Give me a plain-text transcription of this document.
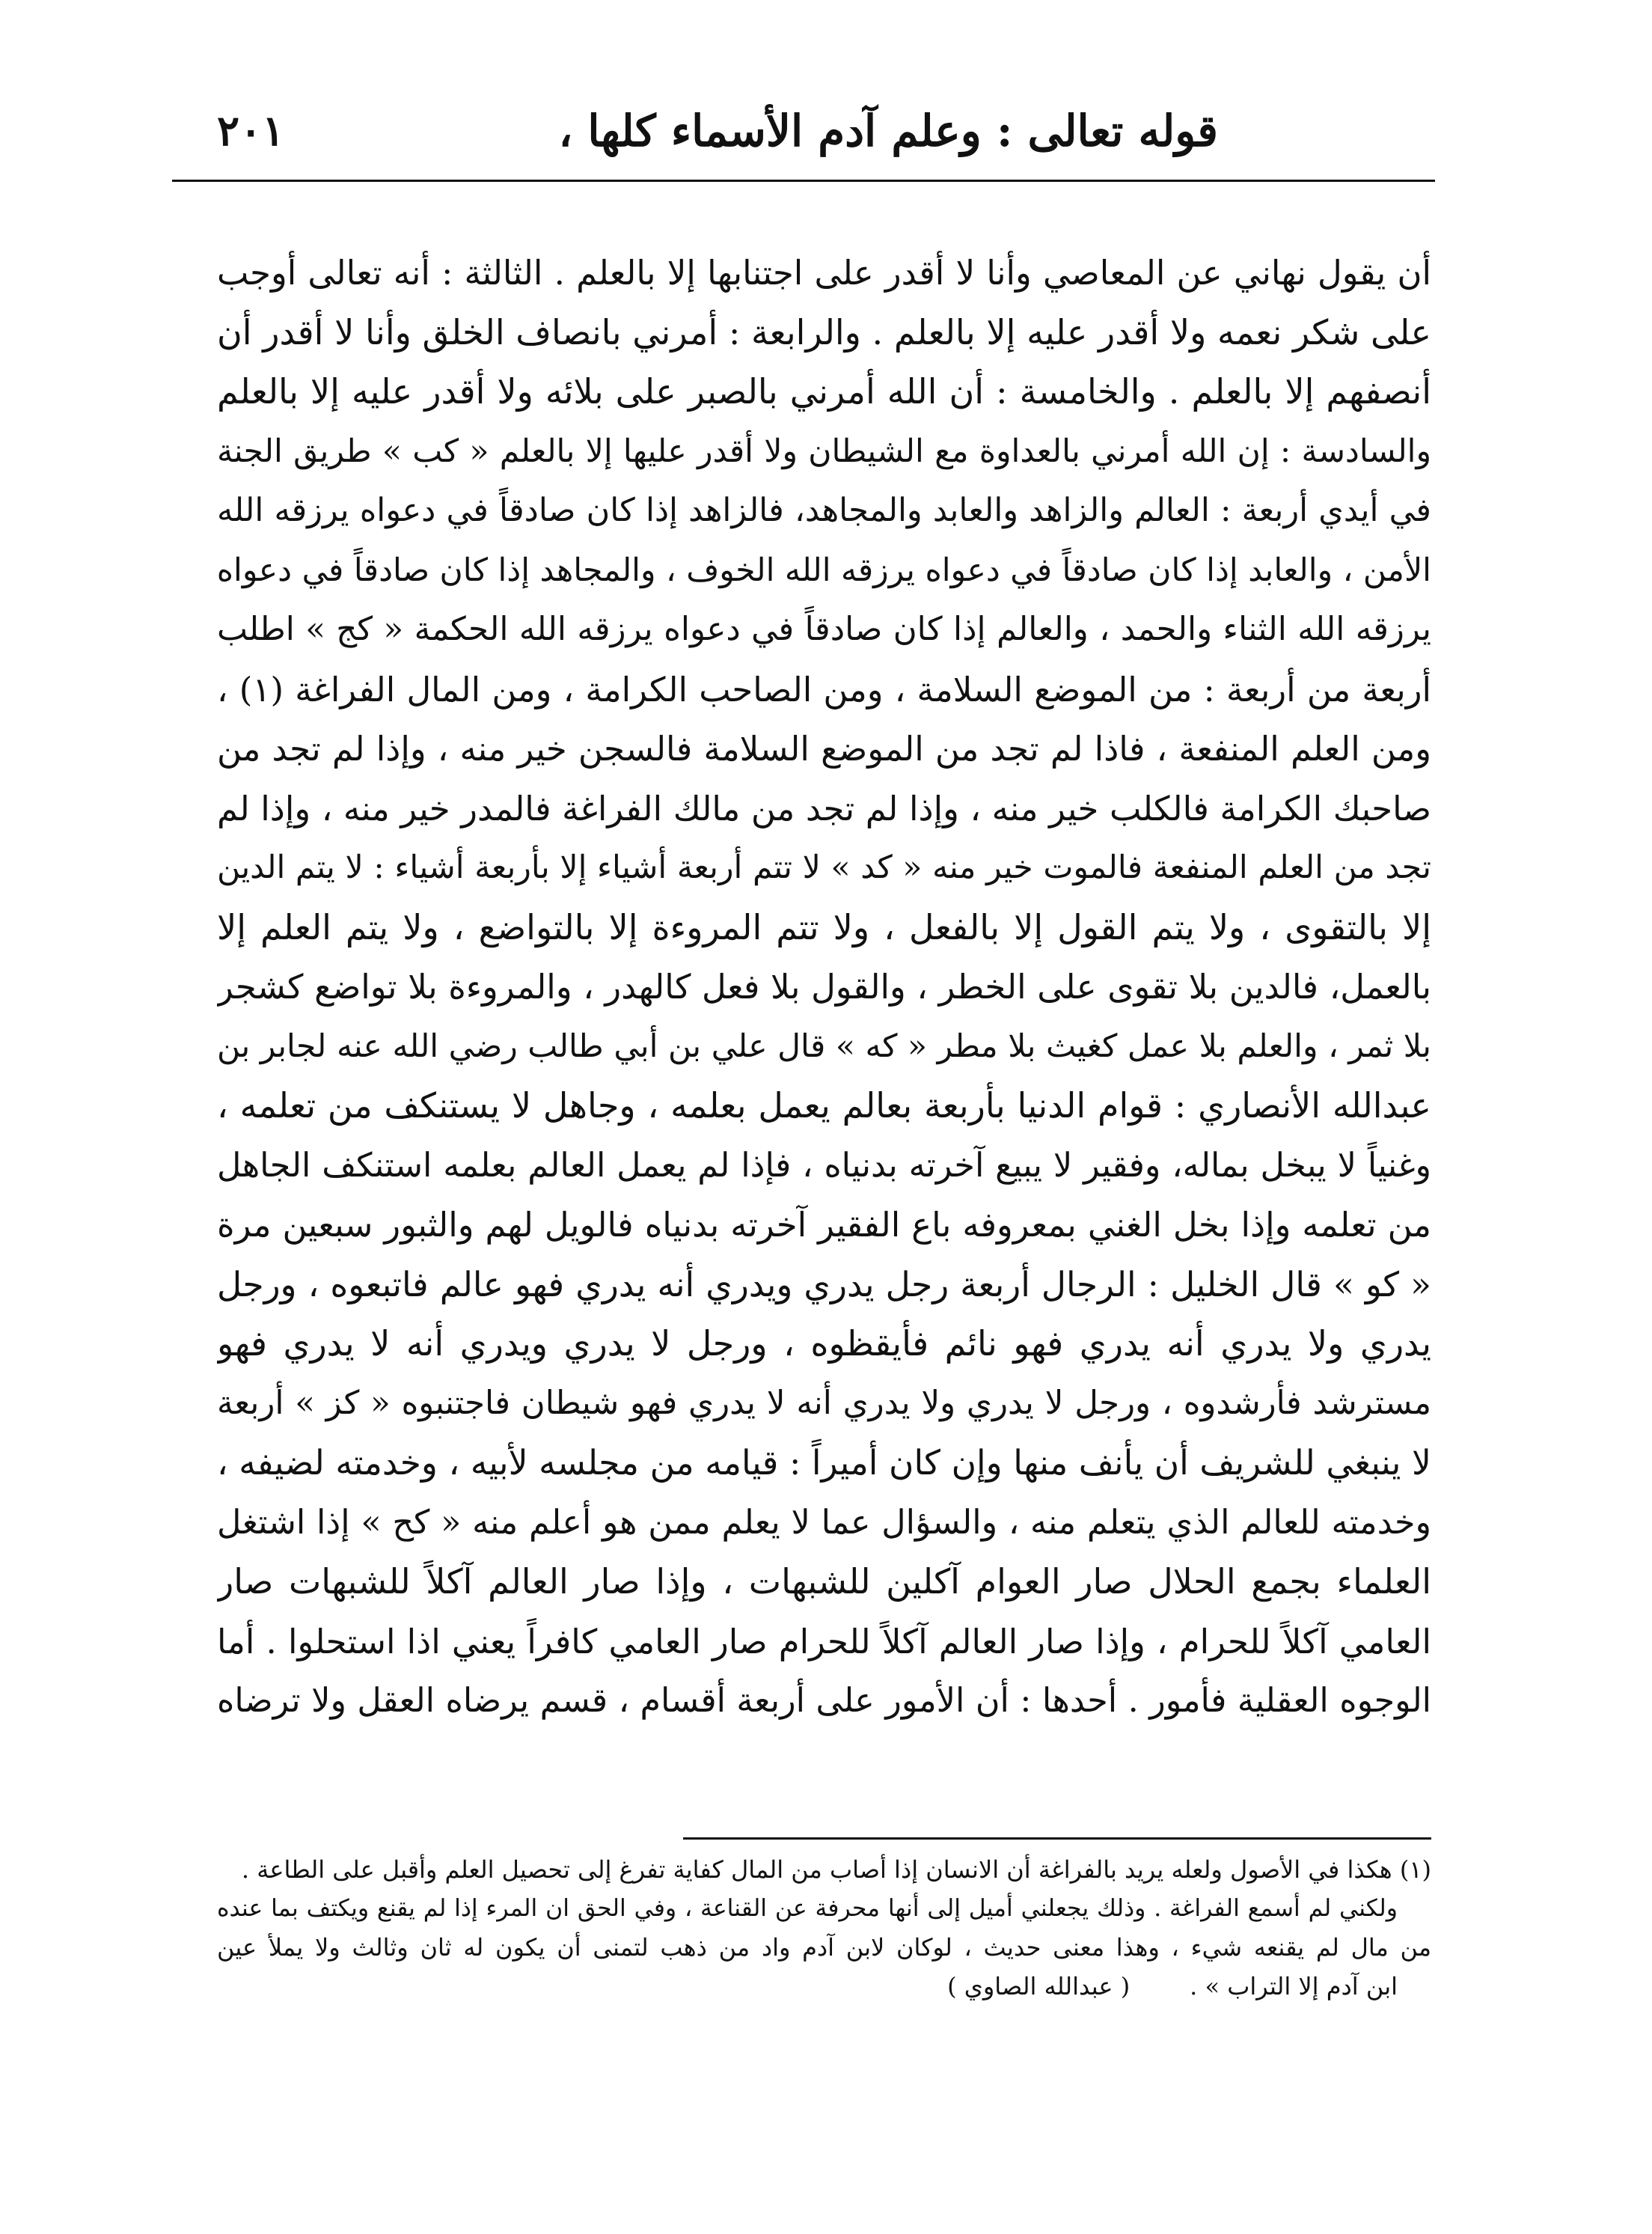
قوله تعالى : وعلم آدم الأسماء كلها ،
٢٠١
أن يقول نهاني عن المعاصي وأنا لا أقدر على اجتنابها إلا بالعلم . الثالثة : أنه تعالى أوجب
على شكر نعمه ولا أقدر عليه إلا بالعلم . والرابعة : أمرني بانصاف الخلق وأنا لا أقدر أن
أنصفهم إلا بالعلم . والخامسة : أن الله أمرني بالصبر على بلائه ولا أقدر عليه إلا بالعلم
والسادسة : إن الله أمرني بالعداوة مع الشيطان ولا أقدر عليها إلا بالعلم « كب » طريق الجنة
في أيدي أربعة : العالم والزاهد والعابد والمجاهد، فالزاهد إذا كان صادقاً في دعواه يرزقه الله
الأمن ، والعابد إذا كان صادقاً في دعواه يرزقه الله الخوف ، والمجاهد إذا كان صادقاً في دعواه
يرزقه الله الثناء والحمد ، والعالم إذا كان صادقاً في دعواه يرزقه الله الحكمة « كج » اطلب
أربعة من أربعة : من الموضع السلامة ، ومن الصاحب الكرامة ، ومن المال الفراغة (١) ،
ومن العلم المنفعة ، فاذا لم تجد من الموضع السلامة فالسجن خير منه ، وإذا لم تجد من
صاحبك الكرامة فالكلب خير منه ، وإذا لم تجد من مالك الفراغة فالمدر خير منه ، وإذا لم
تجد من العلم المنفعة فالموت خير منه « كد » لا تتم أربعة أشياء إلا بأربعة أشياء : لا يتم الدين
إلا بالتقوى ، ولا يتم القول إلا بالفعل ، ولا تتم المروءة إلا بالتواضع ، ولا يتم العلم إلا
بالعمل، فالدين بلا تقوى على الخطر ، والقول بلا فعل كالهدر ، والمروءة بلا تواضع كشجر
بلا ثمر ، والعلم بلا عمل كغيث بلا مطر « كه » قال علي بن أبي طالب رضي الله عنه لجابر بن
عبدالله الأنصاري : قوام الدنيا بأربعة بعالم يعمل بعلمه ، وجاهل لا يستنكف من تعلمه ،
وغنياً لا يبخل بماله، وفقير لا يبيع آخرته بدنياه ، فإذا لم يعمل العالم بعلمه استنكف الجاهل
من تعلمه وإذا بخل الغني بمعروفه باع الفقير آخرته بدنياه فالويل لهم والثبور سبعين مرة
« كو » قال الخليل : الرجال أربعة رجل يدري ويدري أنه يدري فهو عالم فاتبعوه ، ورجل
يدري ولا يدري أنه يدري فهو نائم فأيقظوه ، ورجل لا يدري ويدري أنه لا يدري فهو
مسترشد فأرشدوه ، ورجل لا يدري ولا يدري أنه لا يدري فهو شيطان فاجتنبوه « كز » أربعة
لا ينبغي للشريف أن يأنف منها وإن كان أميراً : قيامه من مجلسه لأبيه ، وخدمته لضيفه ،
وخدمته للعالم الذي يتعلم منه ، والسؤال عما لا يعلم ممن هو أعلم منه « كح » إذا اشتغل
العلماء بجمع الحلال صار العوام آكلين للشبهات ، وإذا صار العالم آكلاً للشبهات صار
العامي آكلاً للحرام ، وإذا صار العالم آكلاً للحرام صار العامي كافراً يعني اذا استحلوا . أما
الوجوه العقلية فأمور . أحدها : أن الأمور على أربعة أقسام ، قسم يرضاه العقل ولا ترضاه
(١) هكذا في الأصول ولعله يريد بالفراغة أن الانسان إذا أصاب من المال كفاية تفرغ إلى تحصيل العلم وأقبل على الطاعة .
ولكني لم أسمع الفراغة . وذلك يجعلني أميل إلى أنها محرفة عن القناعة ، وفي الحق ان المرء إذا لم يقنع ويكتف بما عنده
من مال لم يقنعه شيء ، وهذا معنى حديث ، لوكان لابن آدم واد من ذهب لتمنى أن يكون له ثان وثالث ولا يملأ عين
ابن آدم إلا التراب » .
( عبدالله الصاوي )
